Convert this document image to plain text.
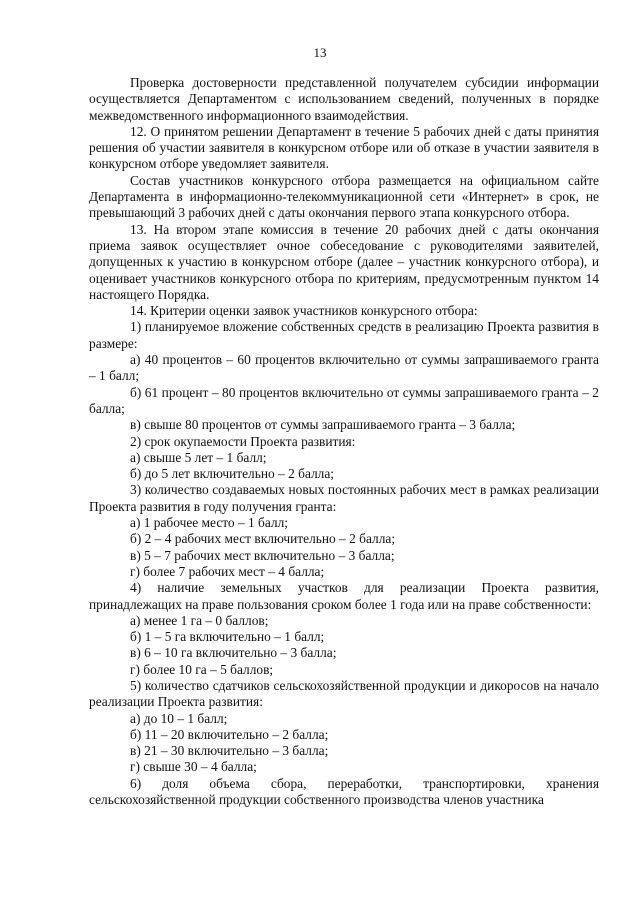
13

Проверка достоверности представленной получателем субсидии информации осуществляется Департаментом с использованием сведений, полученных в порядке межведомственного информационного взаимодействия.

12. О принятом решении Департамент в течение 5 рабочих дней с даты принятия решения об участии заявителя в конкурсном отборе или об отказе в участии заявителя в конкурсном отборе уведомляет заявителя.

Состав участников конкурсного отбора размещается на официальном сайте Департамента в информационно-телекоммуникационной сети «Интернет» в срок, не превышающий 3 рабочих дней с даты окончания первого этапа конкурсного отбора.

13. На втором этапе комиссия в течение 20 рабочих дней с даты окончания приема заявок осуществляет очное собеседование с руководителями заявителей, допущенных к участию в конкурсном отборе (далее – участник конкурсного отбора), и оценивает участников конкурсного отбора по критериям, предусмотренным пунктом 14 настоящего Порядка.

14. Критерии оценки заявок участников конкурсного отбора:

1) планируемое вложение собственных средств в реализацию Проекта развития в размере:

а) 40 процентов – 60 процентов включительно от суммы запрашиваемого гранта – 1 балл;

б) 61 процент – 80 процентов включительно от суммы запрашиваемого гранта – 2 балла;

в) свыше 80 процентов от суммы запрашиваемого гранта – 3 балла;

2) срок окупаемости Проекта развития:

а) свыше 5 лет – 1 балл;

б) до 5 лет включительно – 2 балла;

3) количество создаваемых новых постоянных рабочих мест в рамках реализации Проекта развития в году получения гранта:

а) 1 рабочее место – 1 балл;

б) 2 – 4 рабочих мест включительно – 2 балла;

в) 5 – 7 рабочих мест включительно – 3 балла;

г) более 7 рабочих мест – 4 балла;

4) наличие земельных участков для реализации Проекта развития, принадлежащих на праве пользования сроком более 1 года или на праве собственности:

а) менее 1 га – 0 баллов;

б) 1 – 5 га включительно – 1 балл;

в) 6 – 10 га включительно – 3 балла;

г) более 10 га – 5 баллов;

5) количество сдатчиков сельскохозяйственной продукции и дикоросов на начало реализации Проекта развития:

а) до 10 – 1 балл;

б) 11 – 20 включительно – 2 балла;

в) 21 – 30 включительно – 3 балла;

г) свыше 30 – 4 балла;

6) доля объема сбора, переработки, транспортировки, хранения сельскохозяйственной продукции собственного производства членов участника
